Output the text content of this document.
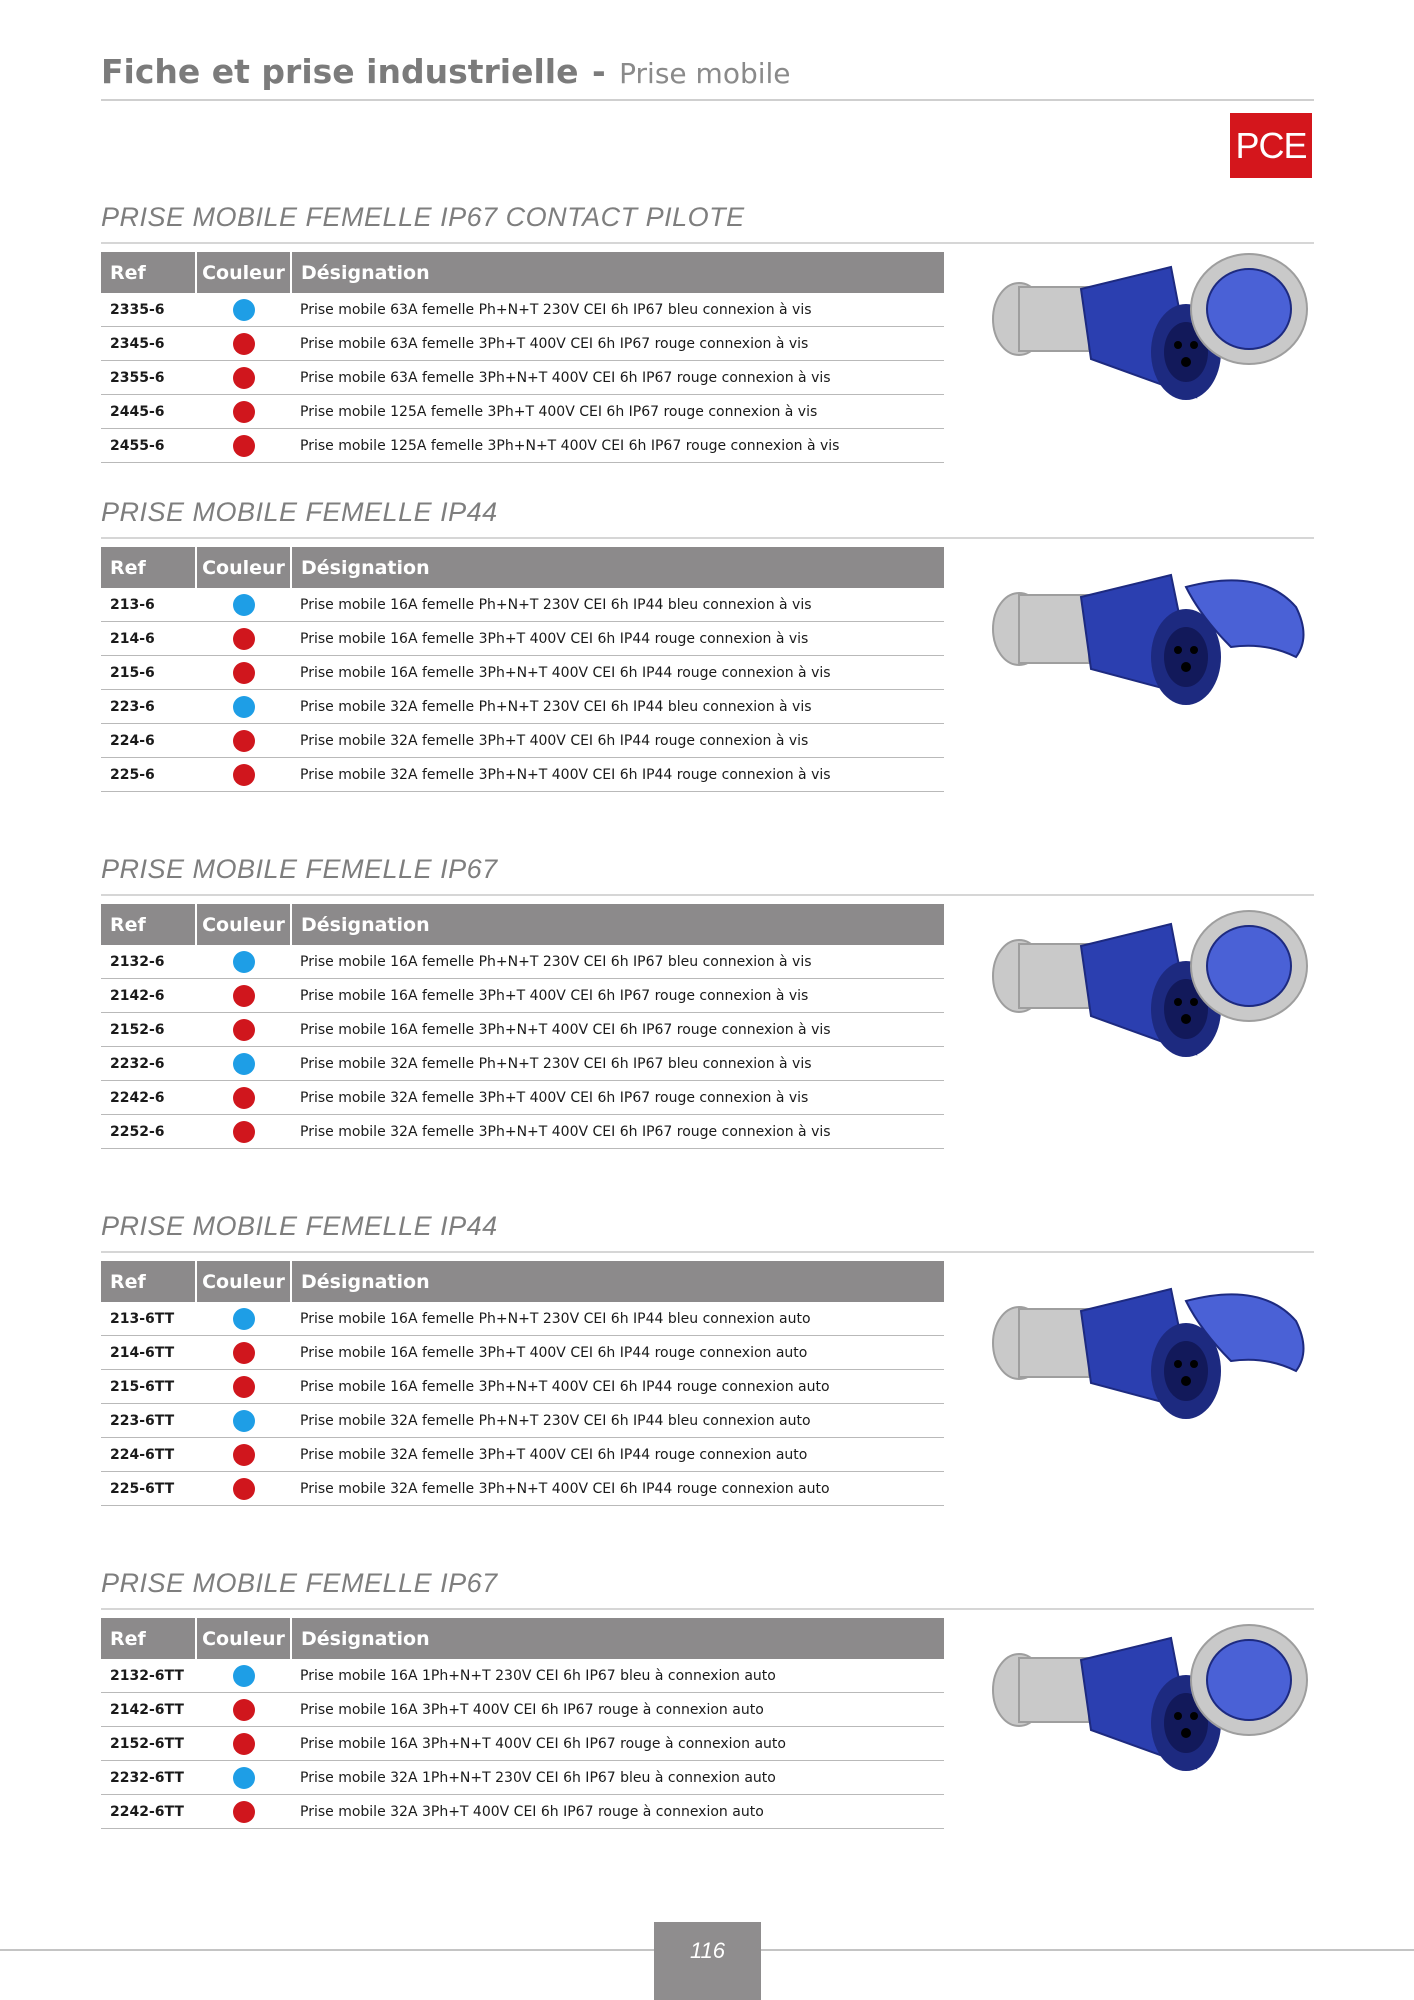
Fiche et prise industrielle - Prise mobile
PCE
PRISE MOBILE FEMELLE IP67 CONTACT PILOTE
Ref	Couleur	Désignation
2335-6		Prise mobile 63A femelle Ph+N+T 230V CEI 6h IP67 bleu connexion à vis
2345-6		Prise mobile 63A femelle 3Ph+T 400V CEI 6h IP67 rouge connexion à vis
2355-6		Prise mobile 63A femelle 3Ph+N+T 400V CEI 6h IP67 rouge connexion à vis
2445-6		Prise mobile 125A femelle 3Ph+T 400V CEI 6h IP67 rouge connexion à vis
2455-6		Prise mobile 125A femelle 3Ph+N+T 400V CEI 6h IP67 rouge connexion à vis
PRISE MOBILE FEMELLE IP44
Ref	Couleur	Désignation
213-6		Prise mobile 16A femelle Ph+N+T 230V CEI 6h IP44 bleu connexion à vis
214-6		Prise mobile 16A femelle 3Ph+T 400V CEI 6h IP44 rouge connexion à vis
215-6		Prise mobile 16A femelle 3Ph+N+T 400V CEI 6h IP44 rouge connexion à vis
223-6		Prise mobile 32A femelle Ph+N+T 230V CEI 6h IP44 bleu connexion à vis
224-6		Prise mobile 32A femelle 3Ph+T 400V CEI 6h IP44 rouge connexion à vis
225-6		Prise mobile 32A femelle 3Ph+N+T 400V CEI 6h IP44 rouge connexion à vis
PRISE MOBILE FEMELLE IP67
Ref	Couleur	Désignation
2132-6		Prise mobile 16A femelle Ph+N+T 230V CEI 6h IP67 bleu connexion à vis
2142-6		Prise mobile 16A femelle 3Ph+T 400V CEI 6h IP67 rouge connexion à vis
2152-6		Prise mobile 16A femelle 3Ph+N+T 400V CEI 6h IP67 rouge connexion à vis
2232-6		Prise mobile 32A femelle Ph+N+T 230V CEI 6h IP67 bleu connexion à vis
2242-6		Prise mobile 32A femelle 3Ph+T 400V CEI 6h IP67 rouge connexion à vis
2252-6		Prise mobile 32A femelle 3Ph+N+T 400V CEI 6h IP67 rouge connexion à vis
PRISE MOBILE FEMELLE IP44
Ref	Couleur	Désignation
213-6TT		Prise mobile 16A femelle Ph+N+T 230V CEI 6h IP44 bleu connexion auto
214-6TT		Prise mobile 16A femelle 3Ph+T 400V CEI 6h IP44 rouge connexion auto
215-6TT		Prise mobile 16A femelle 3Ph+N+T 400V CEI 6h IP44 rouge connexion auto
223-6TT		Prise mobile 32A femelle Ph+N+T 230V CEI 6h IP44 bleu connexion auto
224-6TT		Prise mobile 32A femelle 3Ph+T 400V CEI 6h IP44 rouge connexion auto
225-6TT		Prise mobile 32A femelle 3Ph+N+T 400V CEI 6h IP44 rouge connexion auto
PRISE MOBILE FEMELLE IP67
Ref	Couleur	Désignation
2132-6TT		Prise mobile 16A 1Ph+N+T 230V CEI 6h IP67 bleu à connexion auto
2142-6TT		Prise mobile 16A 3Ph+T 400V CEI 6h IP67 rouge à connexion auto
2152-6TT		Prise mobile 16A 3Ph+N+T 400V CEI 6h IP67 rouge à connexion auto
2232-6TT		Prise mobile 32A 1Ph+N+T 230V CEI 6h IP67 bleu à connexion auto
2242-6TT		Prise mobile 32A 3Ph+T 400V CEI 6h IP67 rouge à connexion auto
116
